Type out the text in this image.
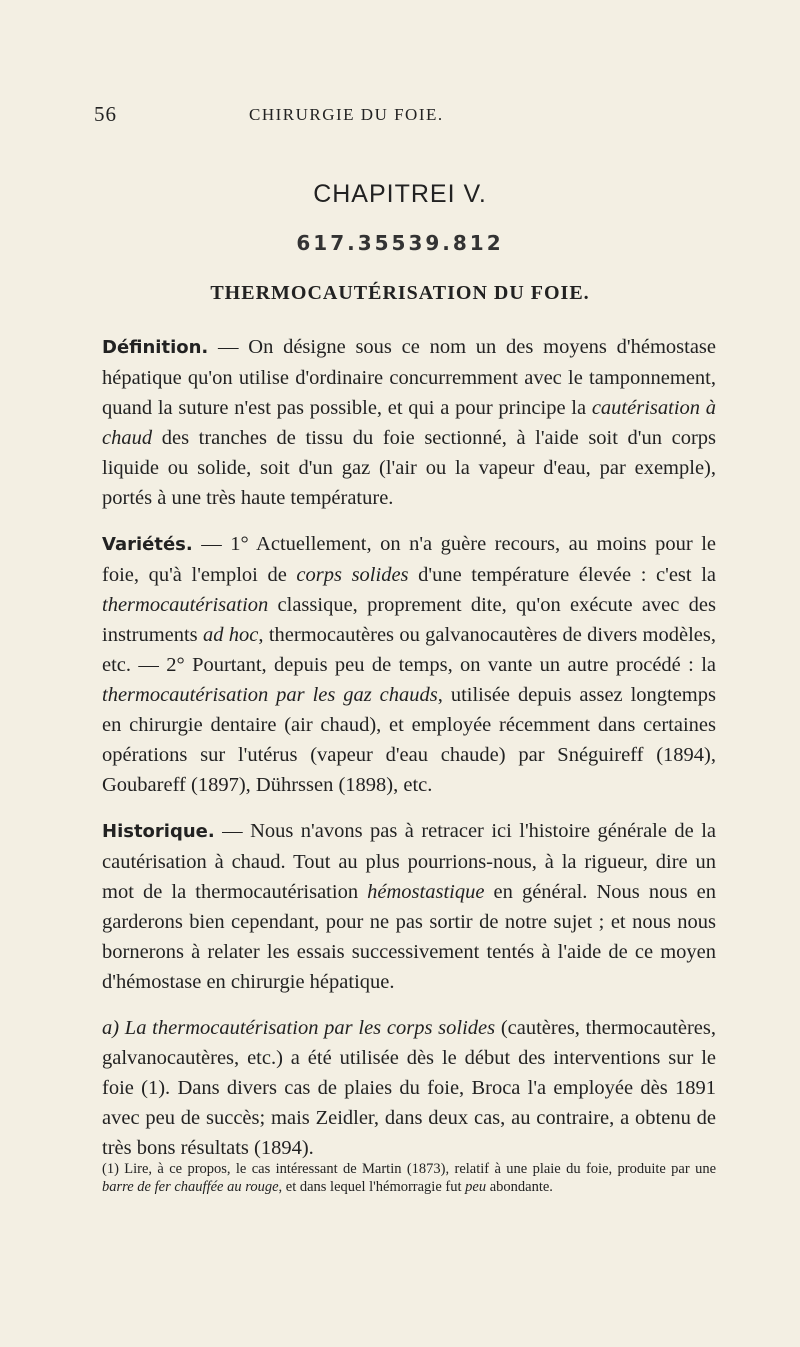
56	CHIRURGIE DU FOIE.
CHAPITREI V.
617.35539.812
THERMOCAUTÉRISATION DU FOIE.

Définition. — On désigne sous ce nom un des moyens d'hémostase hépatique qu'on utilise d'ordinaire concurremment avec le tamponnement, quand la suture n'est pas possible, et qui a pour principe la cautérisation à chaud des tranches de tissu du foie sectionné, à l'aide soit d'un corps liquide ou solide, soit d'un gaz (l'air ou la vapeur d'eau, par exemple), portés à une très haute température.

Variétés. — 1° Actuellement, on n'a guère recours, au moins pour le foie, qu'à l'emploi de corps solides d'une température élevée : c'est la thermocautérisation classique, proprement dite, qu'on exécute avec des instruments ad hoc, thermocautères ou galvanocautères de divers modèles, etc. — 2° Pourtant, depuis peu de temps, on vante un autre procédé : la thermocautérisation par les gaz chauds, utilisée depuis assez longtemps en chirurgie dentaire (air chaud), et employée récemment dans certaines opérations sur l'utérus (vapeur d'eau chaude) par Snéguireff (1894), Goubareff (1897), Dührssen (1898), etc.

Historique. — Nous n'avons pas à retracer ici l'histoire générale de la cautérisation à chaud. Tout au plus pourrions-nous, à la rigueur, dire un mot de la thermocautérisation hémostastique en général. Nous nous en garderons bien cependant, pour ne pas sortir de notre sujet ; et nous nous bornerons à relater les essais successivement tentés à l'aide de ce moyen d'hémostase en chirurgie hépatique.

a) La thermocautérisation par les corps solides (cautères, thermocautères, galvanocautères, etc.) a été utilisée dès le début des interventions sur le foie (1). Dans divers cas de plaies du foie, Broca l'a employée dès 1891 avec peu de succès; mais Zeidler, dans deux cas, au contraire, a obtenu de très bons résultats (1894).

(1) Lire, à ce propos, le cas intéressant de Martin (1873), relatif à une plaie du foie, produite par une barre de fer chauffée au rouge, et dans lequel l'hémorragie fut peu abondante.
